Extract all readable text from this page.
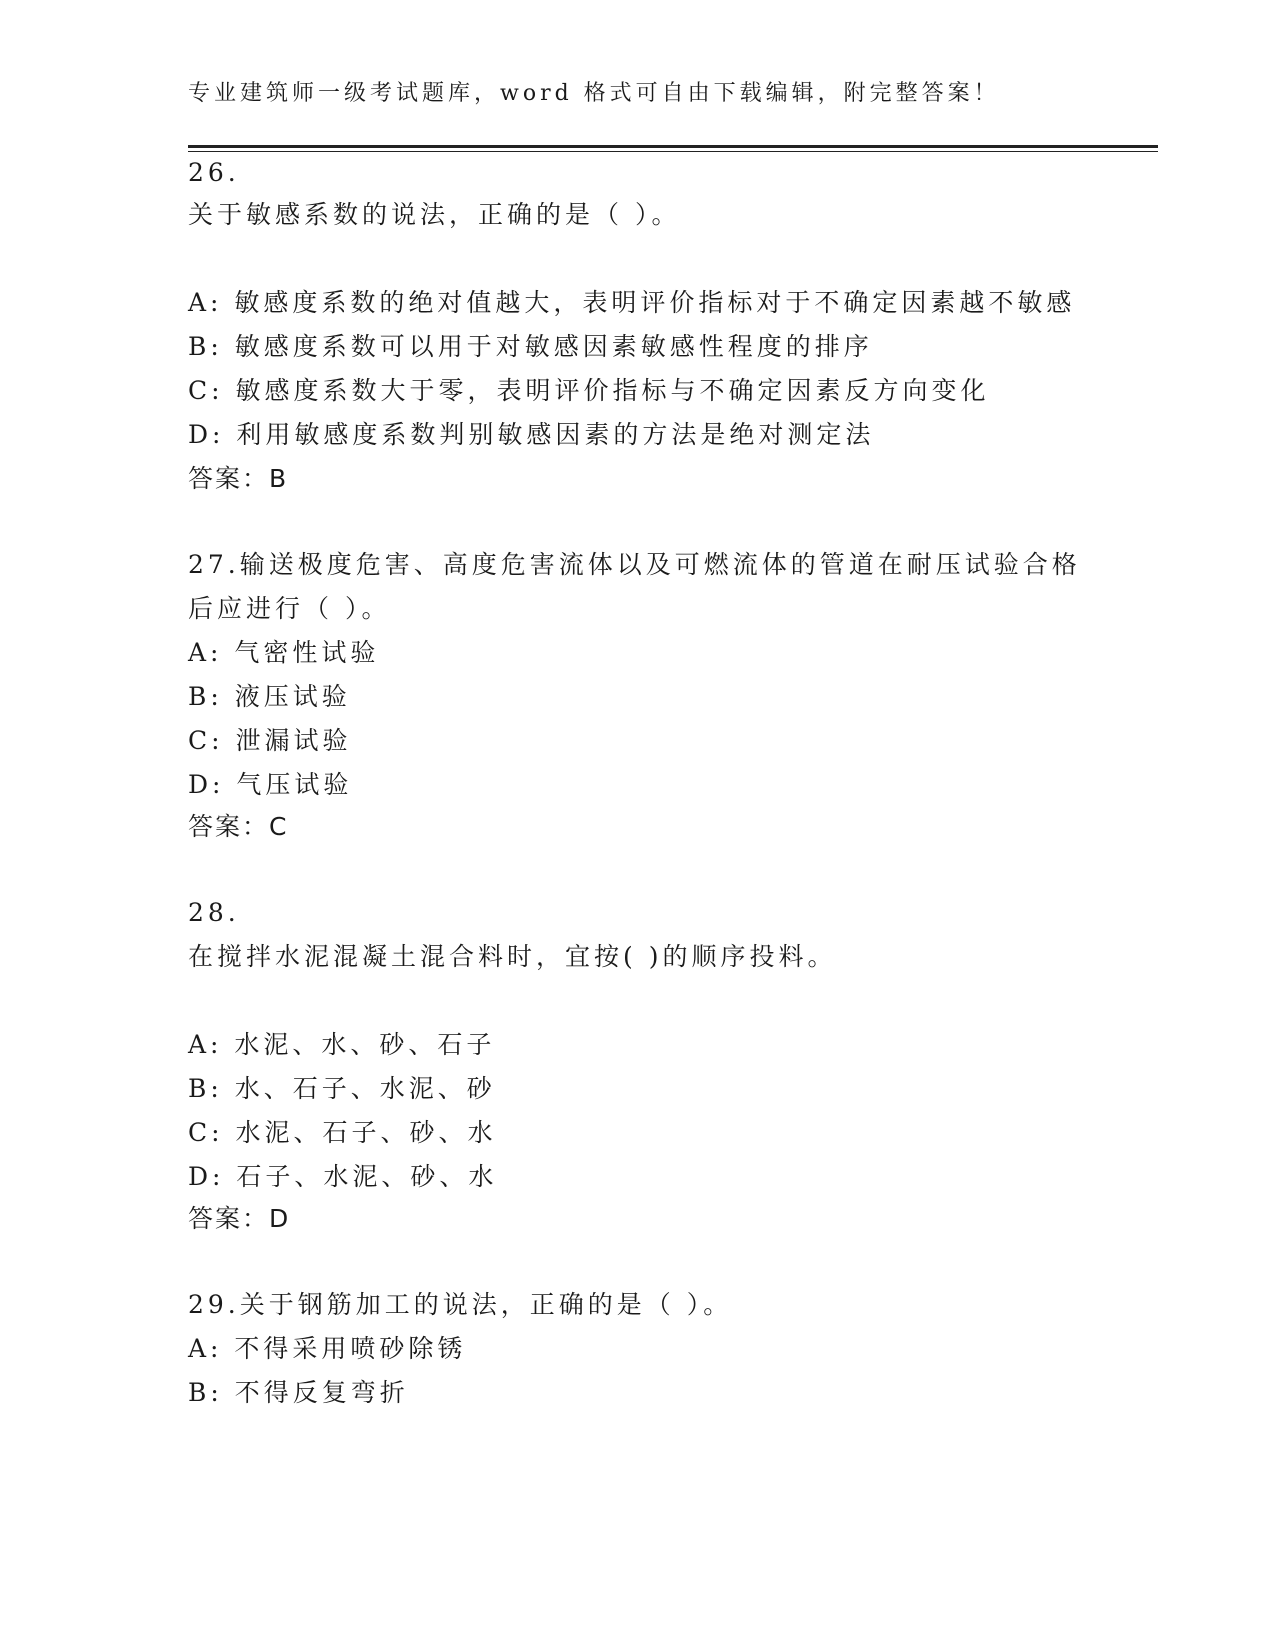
专业建筑师一级考试题库，word 格式可自由下载编辑，附完整答案！
26.
关于敏感系数的说法，正确的是（ ）。
A: 敏感度系数的绝对值越大，表明评价指标对于不确定因素越不敏感
B: 敏感度系数可以用于对敏感因素敏感性程度的排序
C: 敏感度系数大于零，表明评价指标与不确定因素反方向变化
D: 利用敏感度系数判别敏感因素的方法是绝对测定法
答案：B
27.输送极度危害、高度危害流体以及可燃流体的管道在耐压试验合格
后应进行（ ）。
A: 气密性试验
B: 液压试验
C: 泄漏试验
D: 气压试验
答案：C
28.
在搅拌水泥混凝土混合料时，宜按( )的顺序投料。
A: 水泥、水、砂、石子
B: 水、石子、水泥、砂
C: 水泥、石子、砂、水
D: 石子、水泥、砂、水
答案：D
29.关于钢筋加工的说法，正确的是（ ）。
A: 不得采用喷砂除锈
B: 不得反复弯折
